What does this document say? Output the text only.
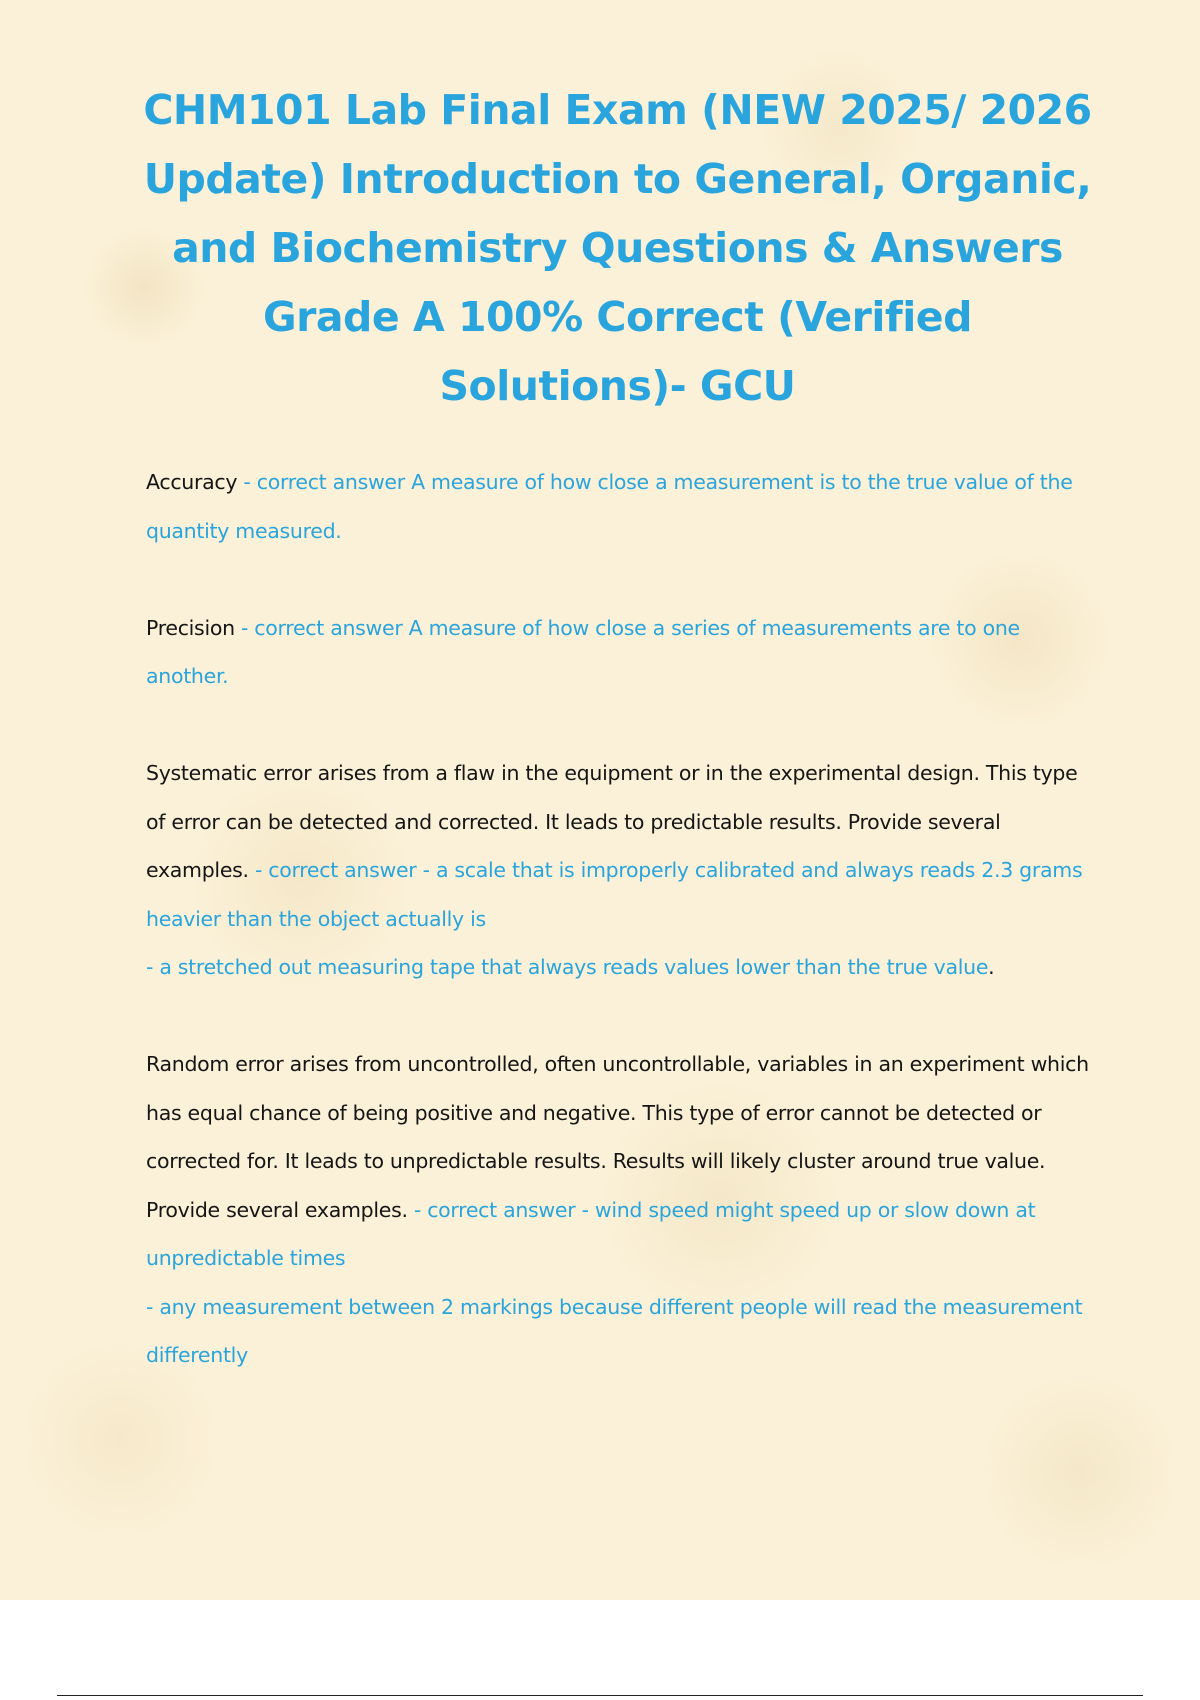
CHM101 Lab Final Exam (NEW 2025/ 2026 Update) Introduction to General, Organic, and Biochemistry Questions & Answers Grade A 100% Correct (Verified Solutions)- GCU

Accuracy - correct answer A measure of how close a measurement is to the true value of the quantity measured.

Precision - correct answer A measure of how close a series of measurements are to one another.

Systematic error arises from a flaw in the equipment or in the experimental design. This type of error can be detected and corrected. It leads to predictable results. Provide several examples. - correct answer - a scale that is improperly calibrated and always reads 2.3 grams heavier than the object actually is
- a stretched out measuring tape that always reads values lower than the true value.

Random error arises from uncontrolled, often uncontrollable, variables in an experiment which has equal chance of being positive and negative. This type of error cannot be detected or corrected for. It leads to unpredictable results. Results will likely cluster around true value. Provide several examples. - correct answer - wind speed might speed up or slow down at unpredictable times
- any measurement between 2 markings because different people will read the measurement differently
